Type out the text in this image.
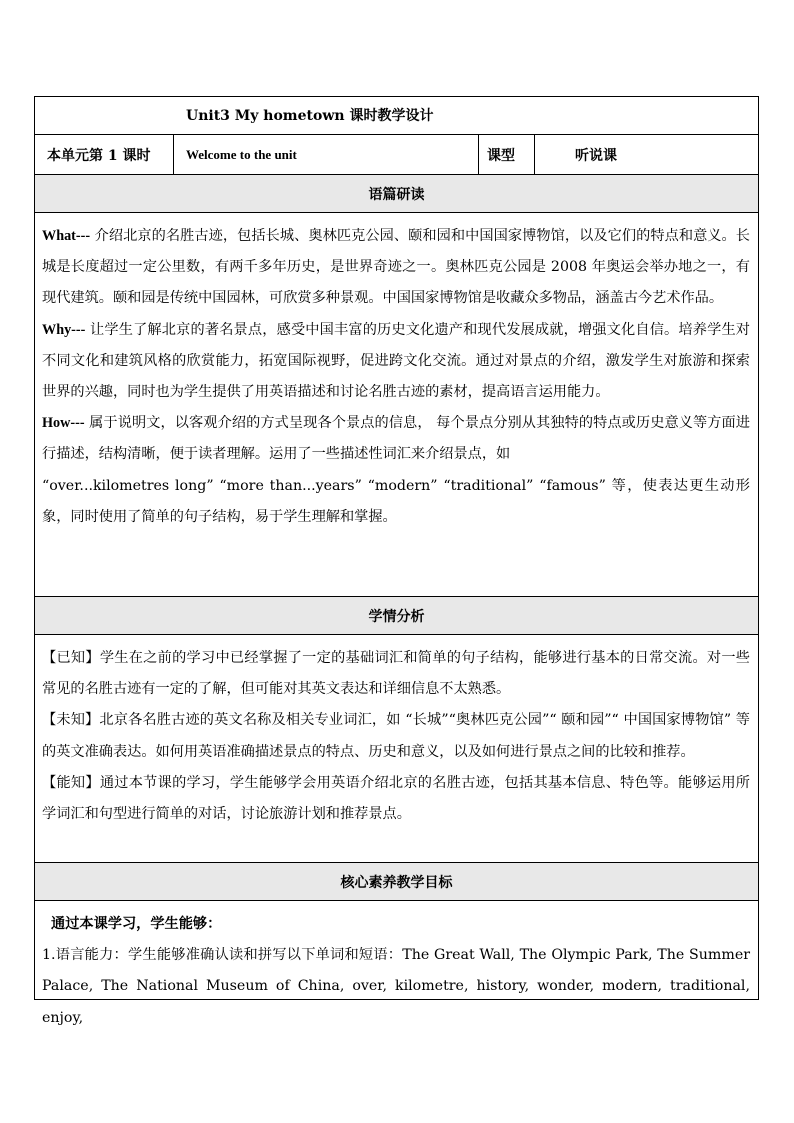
Unit3 My hometown 课时教学设计
本单元第 1 课时	Welcome to the unit	课型	听说课
语篇研读

What--- 介绍北京的名胜古迹，包括长城、奥林匹克公园、颐和园和中国国家博物馆，以及它们的特点和意义。长城是长度超过一定公里数，有两千多年历史，是世界奇迹之一。奥林匹克公园是 2008 年奥运会举办地之一，有现代建筑。颐和园是传统中国园林，可欣赏多种景观。中国国家博物馆是收藏众多物品，涵盖古今艺术作品。

Why--- 让学生了解北京的著名景点，感受中国丰富的历史文化遗产和现代发展成就，增强文化自信。培养学生对不同文化和建筑风格的欣赏能力，拓宽国际视野，促进跨文化交流。通过对景点的介绍，激发学生对旅游和探索世界的兴趣，同时也为学生提供了用英语描述和讨论名胜古迹的素材，提高语言运用能力。

How--- 属于说明文，以客观介绍的方式呈现各个景点的信息， 每个景点分别从其独特的特点或历史意义等方面进行描述，结构清晰，便于读者理解。运用了一些描述性词汇来介绍景点，如

“over...kilometres long” “more than...years” “modern” “traditional” “famous” 等，使表达更生动形象，同时使用了简单的句子结构，易于学生理解和掌握。

学情分析

【已知】学生在之前的学习中已经掌握了一定的基础词汇和简单的句子结构，能够进行基本的日常交流。对一些常见的名胜古迹有一定的了解，但可能对其英文表达和详细信息不太熟悉。

【未知】北京各名胜古迹的英文名称及相关专业词汇，如 “长城”“奥林匹克公园”“ 颐和园”“ 中国国家博物馆” 等的英文准确表达。如何用英语准确描述景点的特点、历史和意义，以及如何进行景点之间的比较和推荐。

【能知】通过本节课的学习，学生能够学会用英语介绍北京的名胜古迹，包括其基本信息、特色等。能够运用所学词汇和句型进行简单的对话，讨论旅游计划和推荐景点。

核心素养教学目标

通过本课学习，学生能够：

1.语言能力：学生能够准确认读和拼写以下单词和短语：The Great Wall, The Olympic Park, The Summer Palace, The National Museum of China, over, kilometre, history, wonder, modern, traditional, enjoy,
